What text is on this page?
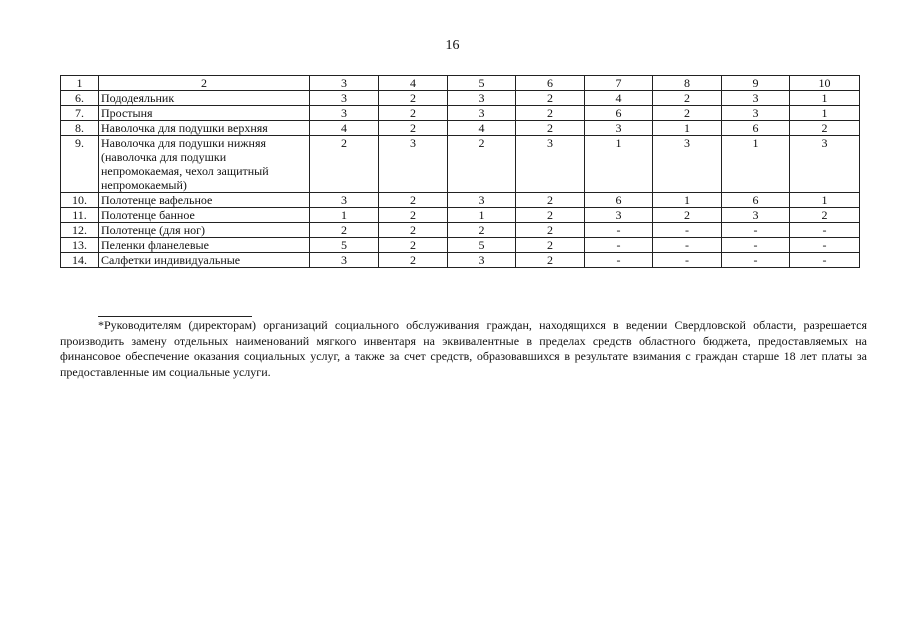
16
1	2	3	4	5	6	7	8	9	10
6.	Пододеяльник	3	2	3	2	4	2	3	1
7.	Простыня	3	2	3	2	6	2	3	1
8.	Наволочка для подушки верхняя	4	2	4	2	3	1	6	2
9.	Наволочка для подушки нижняя (наволочка для подушки непромокаемая, чехол защитный непромокаемый)	2	3	2	3	1	3	1	3
10.	Полотенце вафельное	3	2	3	2	6	1	6	1
11.	Полотенце банное	1	2	1	2	3	2	3	2
12.	Полотенце (для ног)	2	2	2	2	-	-	-	-
13.	Пеленки фланелевые	5	2	5	2	-	-	-	-
14.	Салфетки индивидуальные	3	2	3	2	-	-	-	-
*Руководителям (директорам) организаций социального обслуживания граждан, находящихся в ведении Свердловской области, разрешается производить замену отдельных наименований мягкого инвентаря на эквивалентные в пределах средств областного бюджета, предоставляемых на финансовое обеспечение оказания социальных услуг, а также за счет средств, образовавшихся в результате взимания с граждан старше 18 лет платы за предоставленные им социальные услуги.
